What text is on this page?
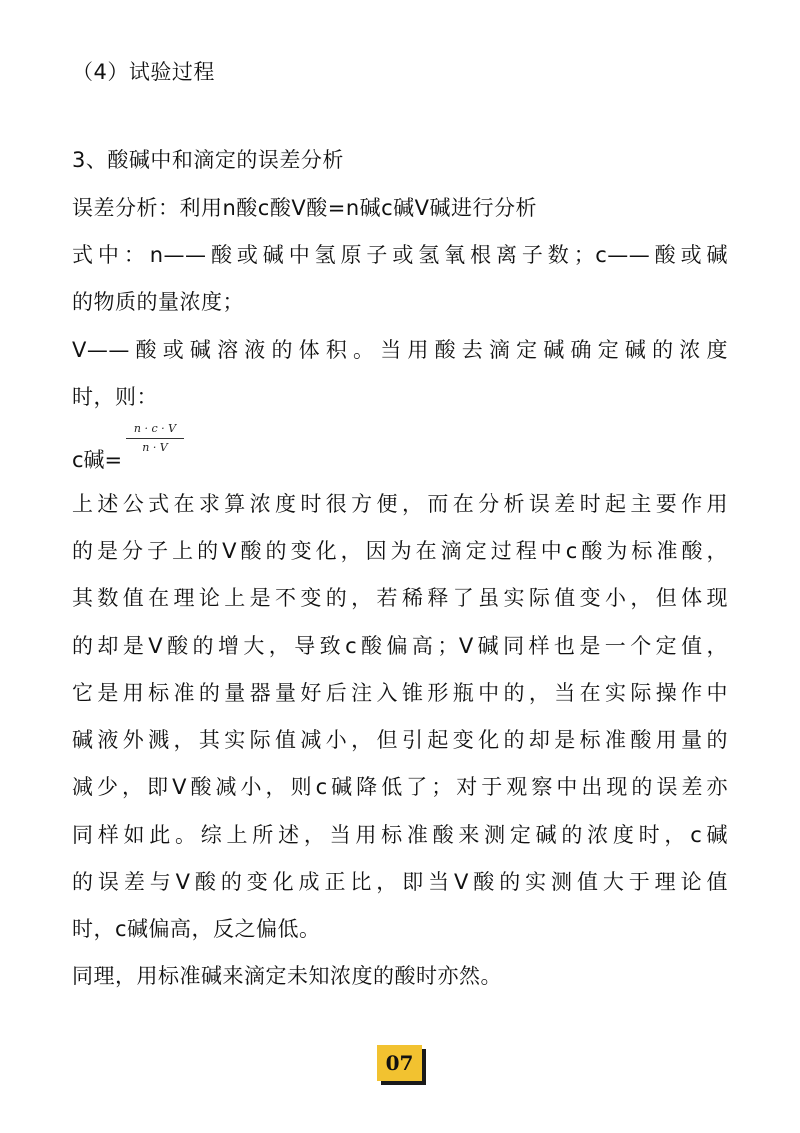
（4）试验过程
3、酸碱中和滴定的误差分析
误差分析：利用n酸c酸V酸=n碱c碱V碱进行分析
式中：n——酸或碱中氢原子或氢氧根离子数；c——酸或碱
的物质的量浓度；
V——酸或碱溶液的体积。当用酸去滴定碱确定碱的浓度
时，则：
c碱=
n · c · V
n · V
上述公式在求算浓度时很方便，而在分析误差时起主要作用
的是分子上的V酸的变化，因为在滴定过程中c酸为标准酸，
其数值在理论上是不变的，若稀释了虽实际值变小，但体现
的却是V酸的增大，导致c酸偏高；V碱同样也是一个定值，
它是用标准的量器量好后注入锥形瓶中的，当在实际操作中
碱液外溅，其实际值减小，但引起变化的却是标准酸用量的
减少，即V酸减小，则c碱降低了；对于观察中出现的误差亦
同样如此。综上所述，当用标准酸来测定碱的浓度时，c碱
的误差与V酸的变化成正比，即当V酸的实测值大于理论值
时，c碱偏高，反之偏低。
同理，用标准碱来滴定未知浓度的酸时亦然。
07
